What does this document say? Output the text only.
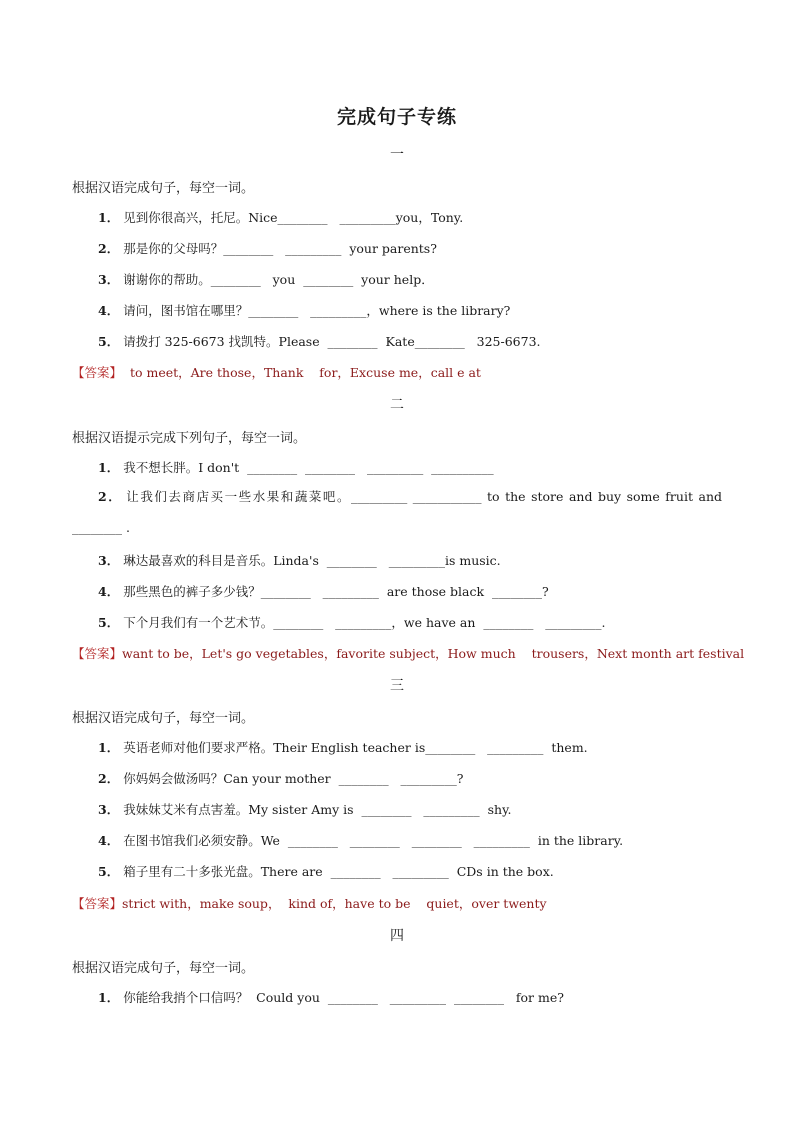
完成句子专练
一
根据汉语完成句子，每空一词。
1． 见到你很高兴，托尼。Nice________   _________you，Tony.
2． 那是你的父母吗？________   _________  your parents?
3． 谢谢你的帮助。________   you  ________  your help．
4． 请问，图书馆在哪里？________   _________，where is the library?
5． 请拨打 325-6673 找凯特。Please  ________  Kate________   325-6673.
【答案】  to meet，Are those，Thank    for，Excuse me，call e at
二
根据汉语提示完成下列句子，每空一词。
1． 我不想长胖。I don't  ________  ________   _________  __________
2． 让我们去商店买一些水果和蔬菜吧。_________ ___________ to the store and buy some fruit and ________ .
3． 琳达最喜欢的科目是音乐。Linda's  ________   _________is music.
4． 那些黑色的裤子多少钱？________   _________  are those black  ________?
5． 下个月我们有一个艺术节。________   _________，we have an  ________   _________.
【答案】want to be，Let's go vegetables，favorite subject，How much    trousers，Next month art festival
三
根据汉语完成句子，每空一词。
1． 英语老师对他们要求严格。Their English teacher is________   _________  them.
2． 你妈妈会做汤吗？Can your mother  ________   _________?
3． 我妹妹艾米有点害羞。My sister Amy is  ________   _________  shy.
4． 在图书馆我们必须安静。We  ________   ________   ________   _________  in the library.
5． 箱子里有二十多张光盘。There are  ________   _________  CDs in the box.
【答案】strict with，make soup，  kind of，have to be    quiet，over twenty
四
根据汉语完成句子，每空一词。
1． 你能给我捎个口信吗？  Could you  ________   _________  ________   for me?
